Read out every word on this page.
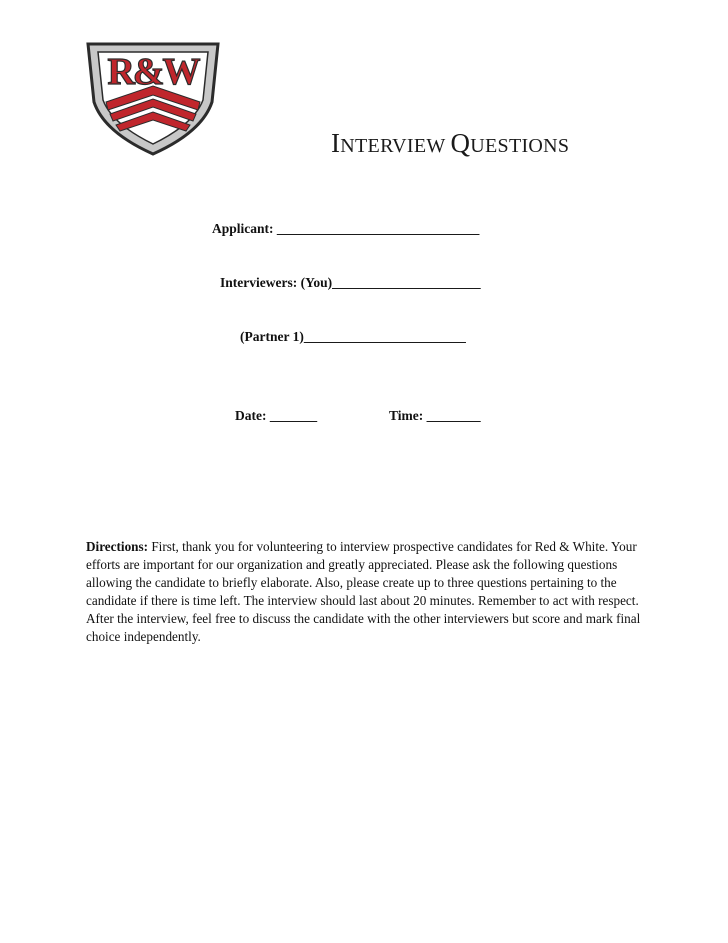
R&W
INTERVIEW QUESTIONS
Applicant: ______________________________
Interviewers: (You)______________________
(Partner 1)________________________
Date: _______	Time: ________
Directions: First, thank you for volunteering to interview prospective candidates for Red & White. Your efforts are important for our organization and greatly appreciated. Please ask the following questions allowing the candidate to briefly elaborate. Also, please create up to three questions pertaining to the candidate if there is time left. The interview should last about 20 minutes. Remember to act with respect. After the interview, feel free to discuss the candidate with the other interviewers but score and mark final choice independently.
